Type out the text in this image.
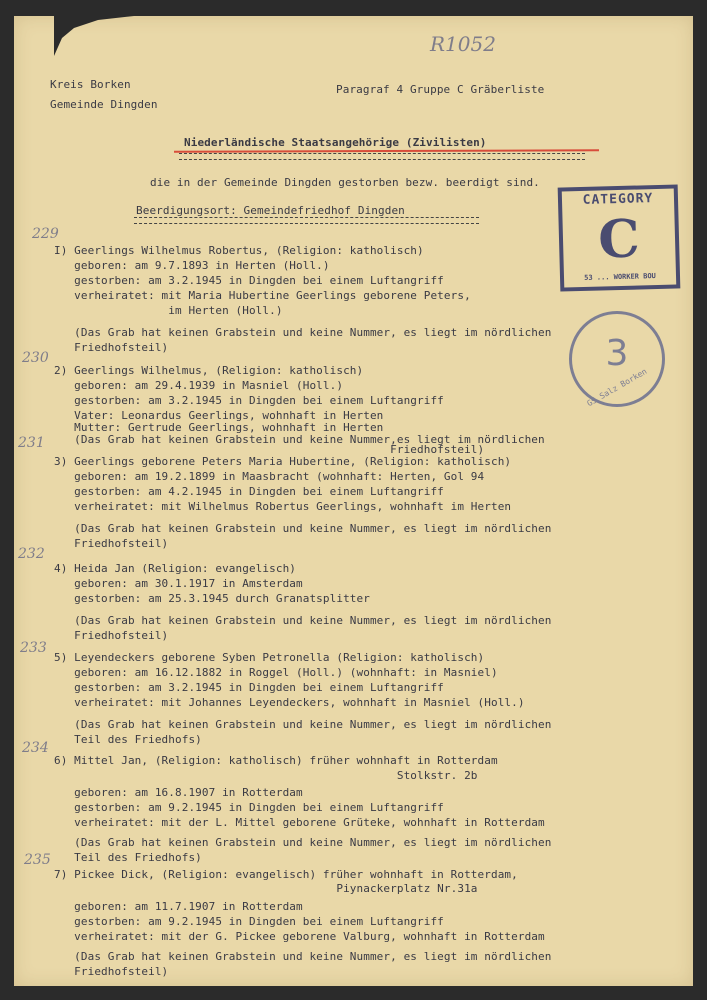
R1052
Kreis Borken
Gemeinde Dingden
Paragraf 4 Gruppe C Gräberliste
Niederländische Staatsangehörige (Zivilisten)
die in der Gemeinde Dingden gestorben bezw. beerdigt sind.
Beerdigungsort: Gemeindefriedhof Dingden
CATEGORY
C
53 ... WORKER BOU
3
GS Salz Borken
229
230
231
232
233
234
235
I) Geerlings Wilhelmus Robertus, (Religion: katholisch)
geboren: am 9.7.1893 in Herten (Holl.)
gestorben: am 3.2.1945 in Dingden bei einem Luftangriff
verheiratet: mit Maria Hubertine Geerlings geborene Peters,
im Herten (Holl.)
(Das Grab hat keinen Grabstein und keine Nummer, es liegt im nördlichen
Friedhofsteil)
2) Geerlings Wilhelmus, (Religion: katholisch)
geboren: am 29.4.1939 in Masniel (Holl.)
gestorben: am 3.2.1945 in Dingden bei einem Luftangriff
Vater: Leonardus Geerlings, wohnhaft in Herten
Mutter: Gertrude Geerlings, wohnhaft in Herten
(Das Grab hat keinen Grabstein und keine Nummer,es liegt im nördlichen
Friedhofsteil)
3) Geerlings geborene Peters Maria Hubertine, (Religion: katholisch)
geboren: am 19.2.1899 in Maasbracht (wohnhaft: Herten, Gol 94
gestorben: am 4.2.1945 in Dingden bei einem Luftangriff
verheiratet: mit Wilhelmus Robertus Geerlings, wohnhaft im Herten
(Das Grab hat keinen Grabstein und keine Nummer, es liegt im nördlichen
Friedhofsteil)
4) Heida Jan (Religion: evangelisch)
geboren: am 30.1.1917 in Amsterdam
gestorben: am 25.3.1945 durch Granatsplitter
(Das Grab hat keinen Grabstein und keine Nummer, es liegt im nördlichen
Friedhofsteil)
5) Leyendeckers geborene Syben Petronella (Religion: katholisch)
geboren: am 16.12.1882 in Roggel (Holl.) (wohnhaft: in Masniel)
gestorben: am 3.2.1945 in Dingden bei einem Luftangriff
verheiratet: mit Johannes Leyendeckers, wohnhaft in Masniel (Holl.)
(Das Grab hat keinen Grabstein und keine Nummer, es liegt im nördlichen
Teil des Friedhofs)
6) Mittel Jan, (Religion: katholisch) früher wohnhaft in Rotterdam
Stolkstr. 2b
geboren: am 16.8.1907 in Rotterdam
gestorben: am 9.2.1945 in Dingden bei einem Luftangriff
verheiratet: mit der L. Mittel geborene Grüteke, wohnhaft in Rotterdam
(Das Grab hat keinen Grabstein und keine Nummer, es liegt im nördlichen
Teil des Friedhofs)
7) Pickee Dick, (Religion: evangelisch) früher wohnhaft in Rotterdam,
Piynackerplatz Nr.31a
geboren: am 11.7.1907 in Rotterdam
gestorben: am 9.2.1945 in Dingden bei einem Luftangriff
verheiratet: mit der G. Pickee geborene Valburg, wohnhaft in Rotterdam
(Das Grab hat keinen Grabstein und keine Nummer, es liegt im nördlichen
Friedhofsteil)
